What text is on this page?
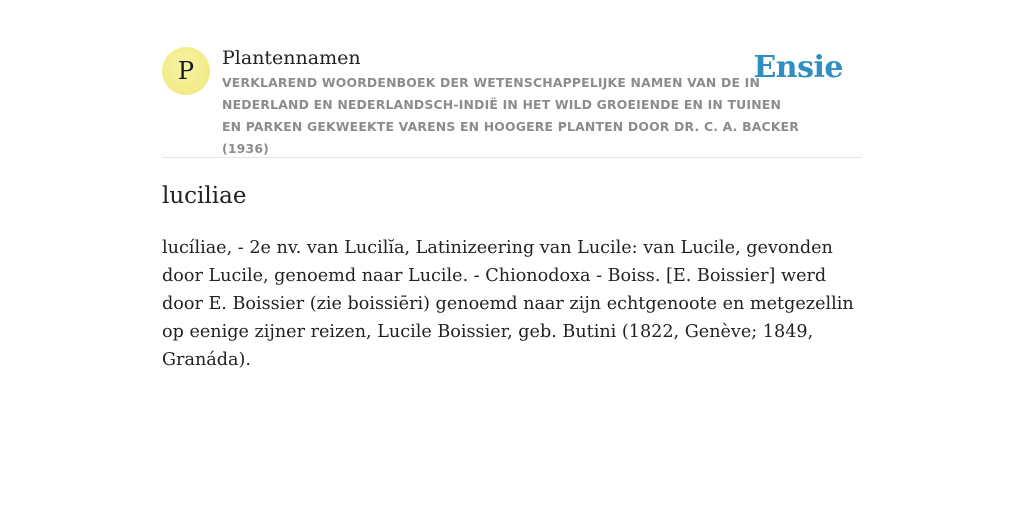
P Plantennamen

VERKLAREND WOORDENBOEK DER WETENSCHAPPELIJKE NAMEN VAN DE IN NEDERLAND EN NEDERLANDSCH-INDIË IN HET WILD GROEIENDE EN IN TUINEN EN PARKEN GEKWEEKTE VARENS EN HOOGERE PLANTEN DOOR DR. C. A. BACKER (1936)

Ensie
luciliae

lucíliae, - 2e nv. van Lucilĭa, Latinizeering van Lucile: van Lucile, gevonden door Lucile, genoemd naar Lucile. - Chionodoxa - Boiss. [E. Boissier] werd door E. Boissier (zie boissiēri) genoemd naar zijn echtgenoote en metgezellin op eenige zijner reizen, Lucile Boissier, geb. Butini (1822, Genève; 1849, Granáda).
